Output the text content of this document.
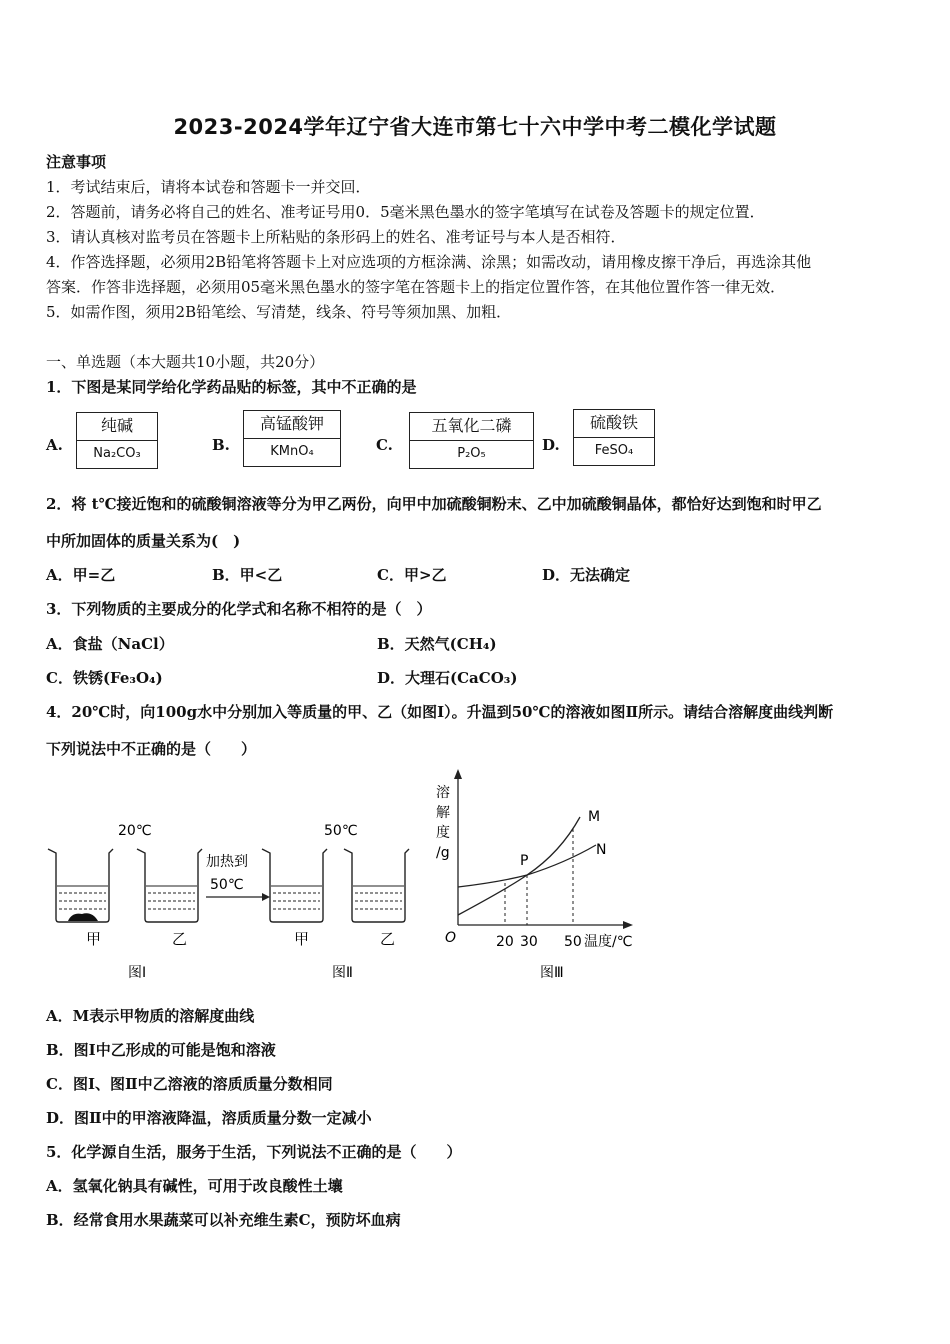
2023-2024学年辽宁省大连市第七十六中学中考二模化学试题
注意事项
1．考试结束后，请将本试卷和答题卡一并交回．
2．答题前，请务必将自己的姓名、准考证号用0．5毫米黑色墨水的签字笔填写在试卷及答题卡的规定位置．
3．请认真核对监考员在答题卡上所粘贴的条形码上的姓名、准考证号与本人是否相符．
4．作答选择题，必须用2B铅笔将答题卡上对应选项的方框涂满、涂黑；如需改动，请用橡皮擦干净后，再选涂其他
答案．作答非选择题，必须用05毫米黑色墨水的签字笔在答题卡上的指定位置作答，在其他位置作答一律无效．
5．如需作图，须用2B铅笔绘、写清楚，线条、符号等须加黑、加粗．
一、单选题（本大题共10小题，共20分）
1．下图是某同学给化学药品贴的标签，其中不正确的是
A.
纯碱
Na₂CO₃	B.
高锰酸钾
KMnO₄	C.
五氧化二磷
P₂O₅	D.
硫酸铁
FeSO₄
2．将 t℃接近饱和的硫酸铜溶液等分为甲乙两份，向甲中加硫酸铜粉末、乙中加硫酸铜晶体，都恰好达到饱和时甲乙
中所加固体的质量关系为(　)
A．甲=乙	B．甲<乙	C．甲>乙	D．无法确定
3．下列物质的主要成分的化学式和名称不相符的是（　）
A．食盐（NaCl）	B．天然气(CH₄)
C．铁锈(Fe₃O₄)	D．大理石(CaCO₃)
4．20℃时，向100g水中分别加入等质量的甲、乙（如图Ⅰ）。升温到50℃的溶液如图Ⅱ所示。请结合溶解度曲线判断
下列说法中不正确的是（　　）
20℃	50℃
加热到
50℃
甲	乙	甲	乙
图Ⅰ	图Ⅱ
溶
解
度
/g	P
M
N
O	20 30 50 温度/℃
图Ⅲ
A．M表示甲物质的溶解度曲线
B．图Ⅰ中乙形成的可能是饱和溶液
C．图Ⅰ、图Ⅱ中乙溶液的溶质质量分数相同
D．图Ⅱ中的甲溶液降温，溶质质量分数一定减小
5．化学源自生活，服务于生活，下列说法不正确的是（　　）
A．氢氧化钠具有碱性，可用于改良酸性土壤
B．经常食用水果蔬菜可以补充维生素C，预防坏血病
